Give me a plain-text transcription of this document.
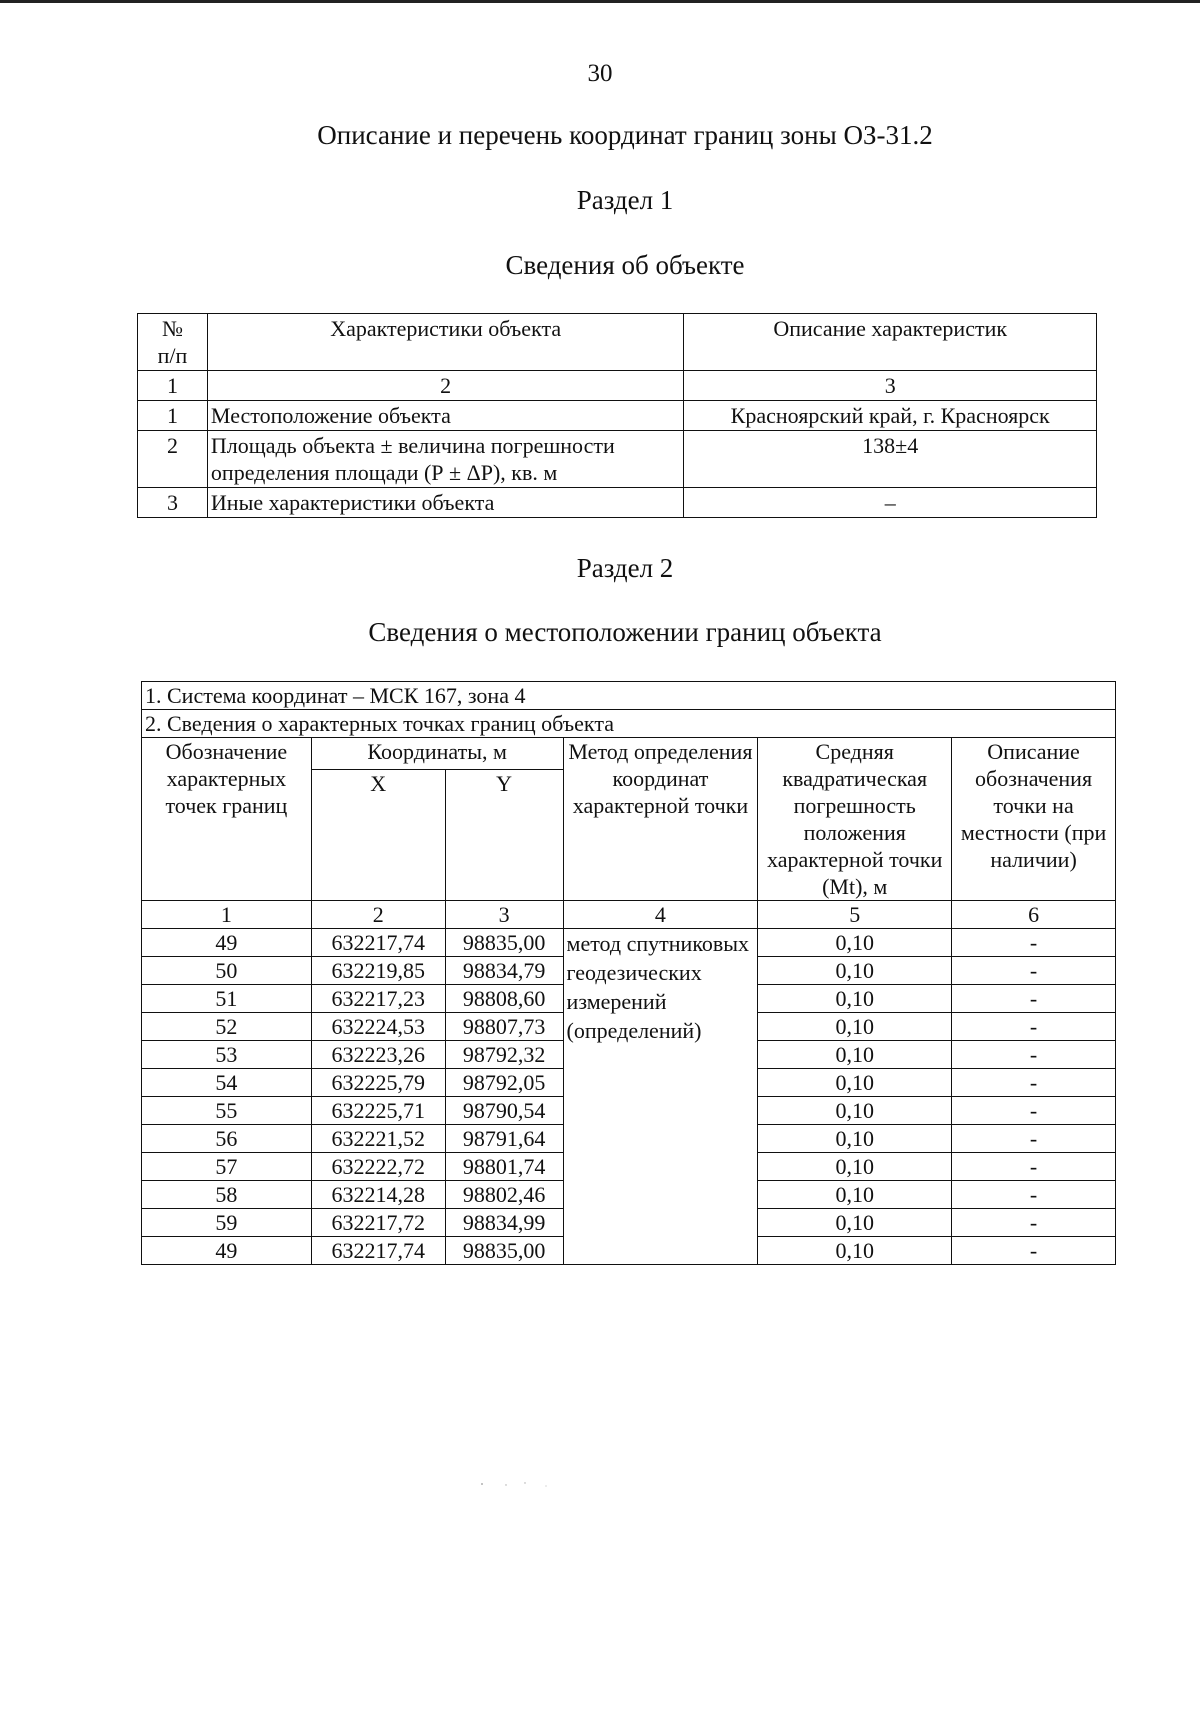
30
Описание и перечень координат границ зоны ОЗ-31.2
Раздел 1
Сведения об объекте
№
п/п	Характеристики объекта	Описание характеристик
1	2	3
1	Местоположение объекта	Красноярский край, г. Красноярск
2	Площадь объекта ± величина погрешности определения площади (Р ± ΔР), кв. м	138±4
3	Иные характеристики объекта	–
Раздел 2
Сведения о местоположении границ объекта
1. Система координат – МСК 167, зона 4					
2. Сведения о характерных точках границ объекта					
Обозначение характерных точек границ	Координаты, м		Метод определения координат характерной точки	Средняя квадратическая погрешность положения характерной точки (Mt), м	Описание обозначения точки на местности (при наличии)
	X	Y			
1	2	3	4	5	6
49	632217,74	98835,00	метод спутниковых геодезических измерений (определений)	0,10	-
50	632219,85	98834,79		0,10	-
51	632217,23	98808,60		0,10	-
52	632224,53	98807,73		0,10	-
53	632223,26	98792,32		0,10	-
54	632225,79	98792,05		0,10	-
55	632225,71	98790,54		0,10	-
56	632221,52	98791,64		0,10	-
57	632222,72	98801,74		0,10	-
58	632214,28	98802,46		0,10	-
59	632217,72	98834,99		0,10	-
49	632217,74	98835,00		0,10	-
